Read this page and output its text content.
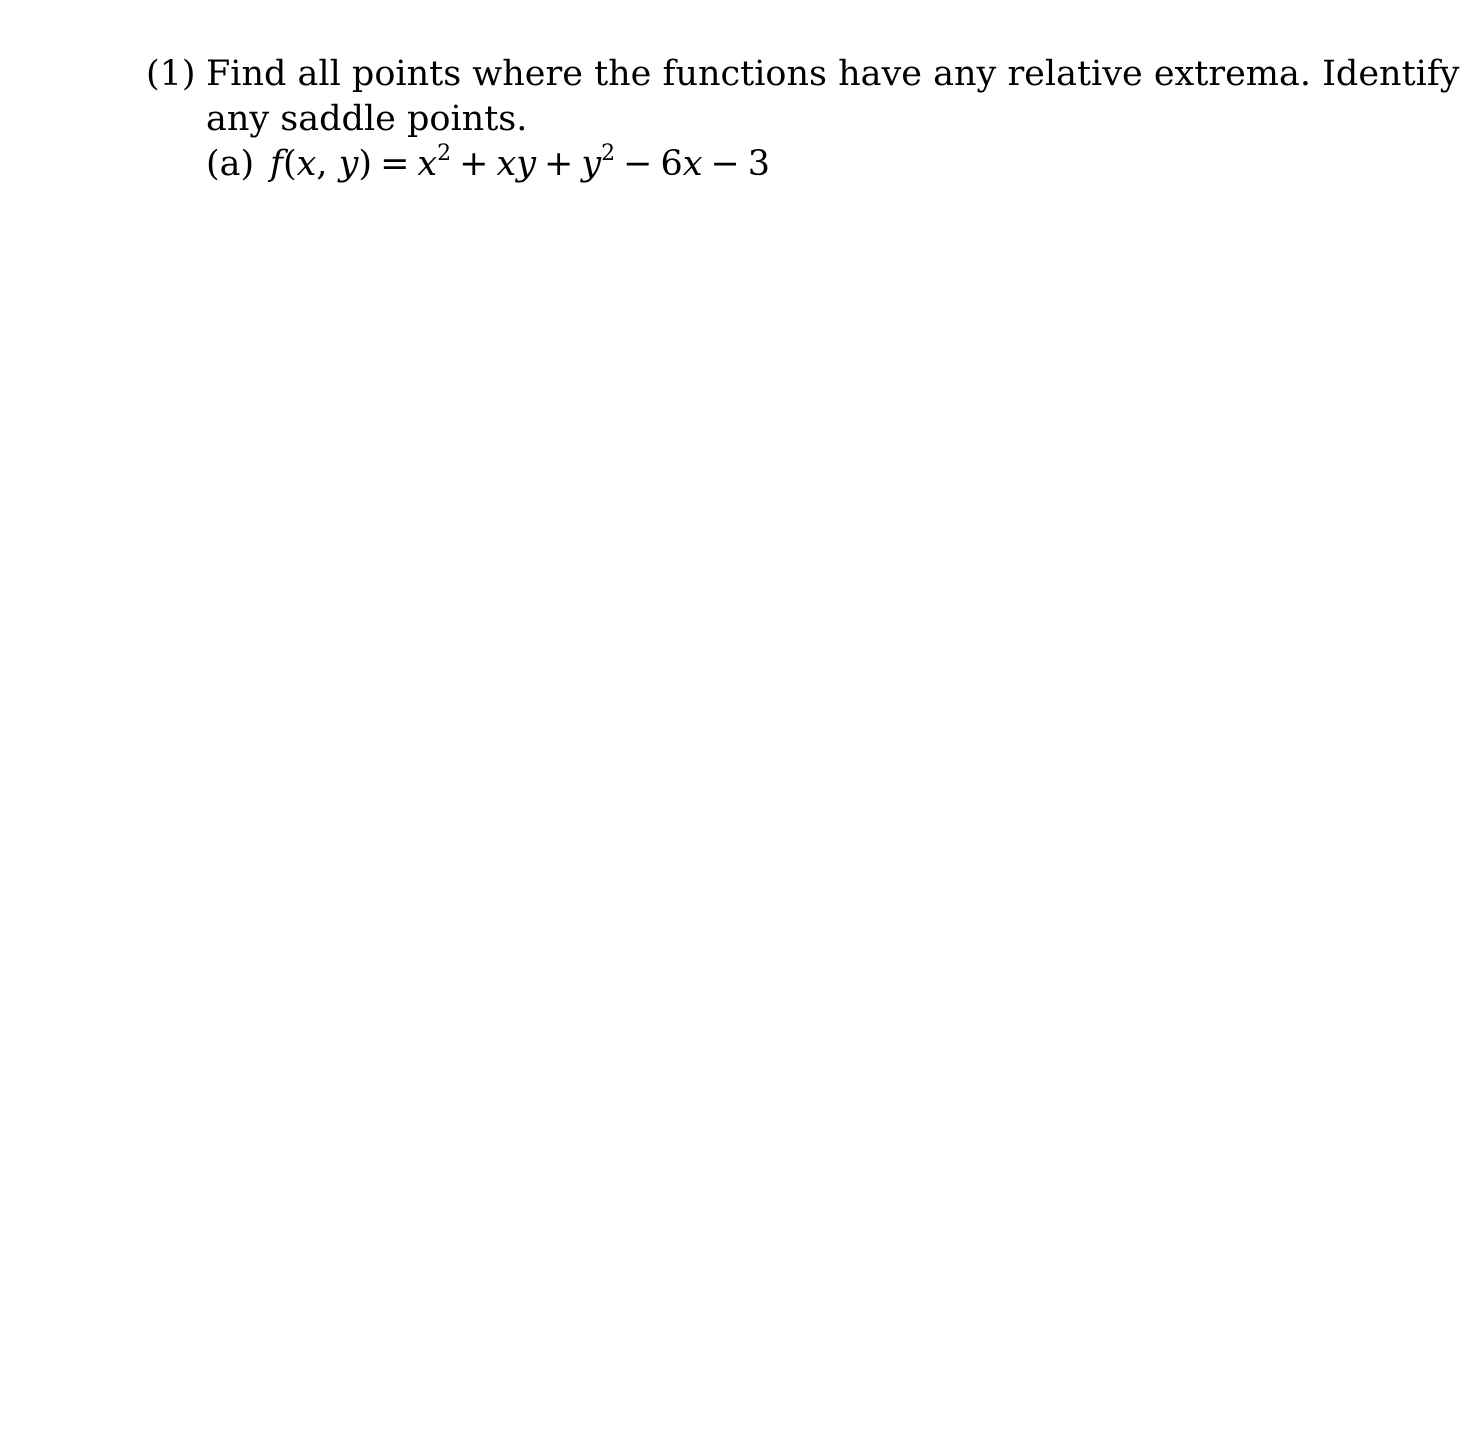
(1) Find all points where the functions have any relative extrema. Identify
any saddle points.
(a) f(x, $y) = x^2$ + xy + $y^2 - 6x - 3$
